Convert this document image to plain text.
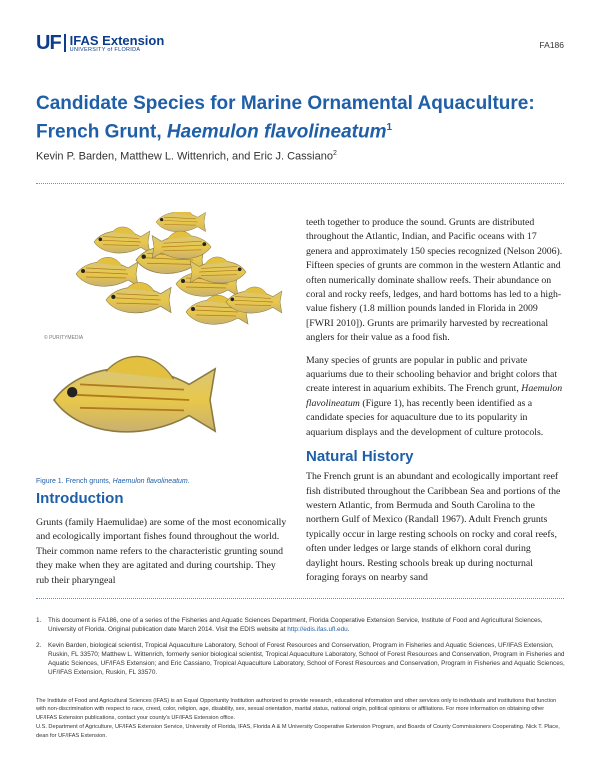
UF IFAS Extension
UNIVERSITY of FLORIDA	FA186
Candidate Species for Marine Ornamental Aquaculture:
French Grunt, Haemulon flavolineatum$^1$
Kevin P. Barden, Matthew L. Wittenrich, and Eric J. Cassiano$^2$
© PURITYMEDIA
Figure 1. French grunts, Haemulon flavolineatum.
Introduction

Grunts (family Haemulidae) are some of the most economically and ecologically important fishes found throughout the world. Their common name refers to the characteristic grunting sound they make when they are agitated and during courtship. They rub their pharyngeal

teeth together to produce the sound. Grunts are distributed throughout the Atlantic, Indian, and Pacific oceans with 17 genera and approximately 150 species recognized (Nelson 2006). Fifteen species of grunts are common in the western Atlantic and often numerically dominate shallow reefs. Their abundance on coral and rocky reefs, ledges, and hard bottoms has led to a high-value fishery (1.8 million pounds landed in Florida in 2009 [FWRI 2010]). Grunts are primarily harvested by recreational anglers for their value as a food fish.

Many species of grunts are popular in public and private aquariums due to their schooling behavior and bright colors that create interest in aquarium exhibits. The French grunt, Haemulon flavolineatum (Figure 1), has recently been identified as a candidate species for aquaculture due to its popularity in aquarium displays and the development of culture protocols.

Natural History

The French grunt is an abundant and ecologically important reef fish distributed throughout the Caribbean Sea and portions of the western Atlantic, from Bermuda and South Carolina to the northern Gulf of Mexico (Randall 1967). Adult French grunts typically occur in large resting schools on rocky and coral reefs, often under ledges or large stands of elkhorn coral during daylight hours. Resting schools break up during nocturnal foraging forays on nearby sand

1.	This document is FA186, one of a series of the Fisheries and Aquatic Sciences Department, Florida Cooperative Extension Service, Institute of Food and Agricultural Sciences, University of Florida. Original publication date March 2014. Visit the EDIS website at http://edis.ifas.ufl.edu.
2.	Kevin Barden, biological scientist, Tropical Aquaculture Laboratory, School of Forest Resources and Conservation, Program in Fisheries and Aquatic Sciences, UF/IFAS Extension, Ruskin, FL 33570; Matthew L. Wittenrich, formerly senior biological scientist, Tropical Aquaculture Laboratory, School of Forest Resources and Conservation, Program in Fisheries and Aquatic Sciences, UF/IFAS Extension; and Eric Cassiano, Tropical Aquaculture Laboratory, School of Forest Resources and Conservation, Program in Fisheries and Aquatic Sciences, UF/IFAS Extension, Ruskin, FL 33570.

The Institute of Food and Agricultural Sciences (IFAS) is an Equal Opportunity Institution authorized to provide research, educational information and other services only to individuals and institutions that function with non-discrimination with respect to race, creed, color, religion, age, disability, sex, sexual orientation, marital status, national origin, political opinions or affiliations. For more information on obtaining other UF/IFAS Extension publications, contact your county's UF/IFAS Extension office.

U.S. Department of Agriculture, UF/IFAS Extension Service, University of Florida, IFAS, Florida A & M University Cooperative Extension Program, and Boards of County Commissioners Cooperating. Nick T. Place, dean for UF/IFAS Extension.
